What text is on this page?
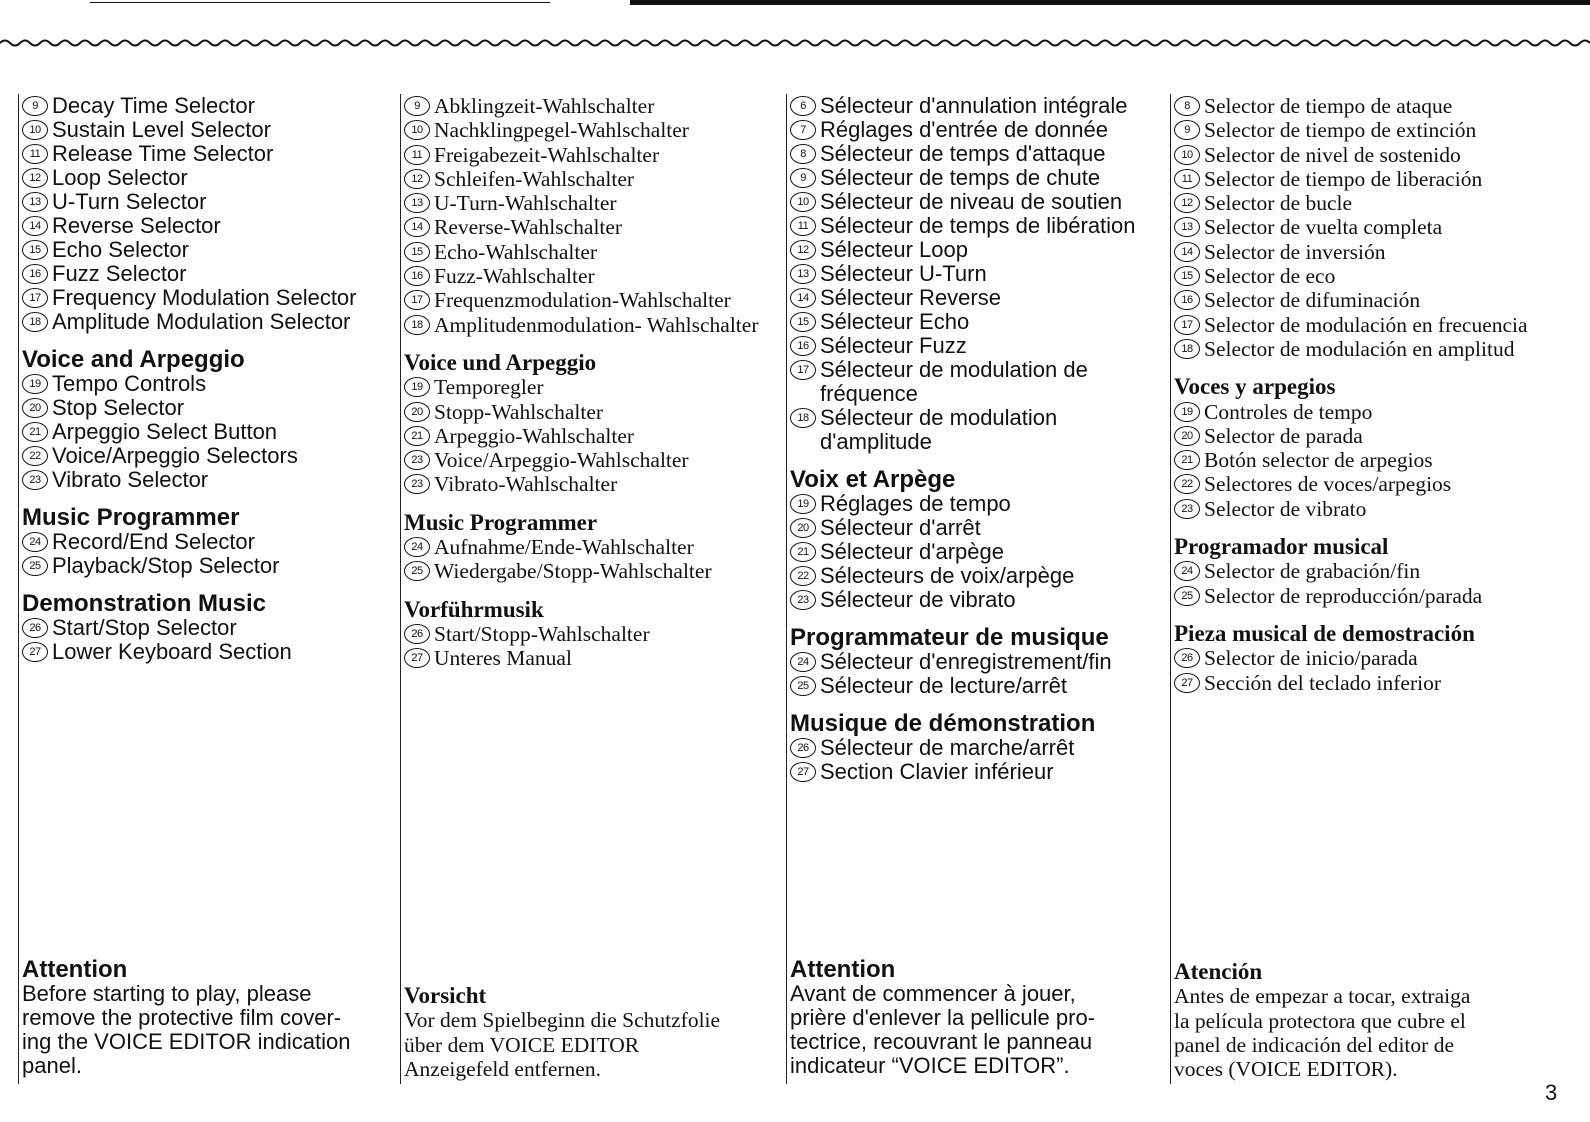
9 Decay Time Selector
10 Sustain Level Selector
11 Release Time Selector
12 Loop Selector
13 U-Turn Selector
14 Reverse Selector
15 Echo Selector
16 Fuzz Selector
17 Frequency Modulation Selector
18 Amplitude Modulation Selector
Voice and Arpeggio
19 Tempo Controls
20 Stop Selector
21 Arpeggio Select Button
22 Voice/Arpeggio Selectors
23 Vibrato Selector
Music Programmer
24 Record/End Selector
25 Playback/Stop Selector
Demonstration Music
26 Start/Stop Selector
27 Lower Keyboard Section
Attention
Before starting to play, please
remove the protective film cover-
ing the VOICE EDITOR indication
panel.
9 Abklingzeit-Wahlschalter
10 Nachklingpegel-Wahlschalter
11 Freigabezeit-Wahlschalter
12 Schleifen-Wahlschalter
13 U-Turn-Wahlschalter
14 Reverse-Wahlschalter
15 Echo-Wahlschalter
16 Fuzz-Wahlschalter
17 Frequenzmodulation-Wahlschalter
18 Amplitudenmodulation- Wahlschalter
Voice und Arpeggio
19 Temporegler
20 Stopp-Wahlschalter
21 Arpeggio-Wahlschalter
23 Voice/Arpeggio-Wahlschalter
23 Vibrato-Wahlschalter
Music Programmer
24 Aufnahme/Ende-Wahlschalter
25 Wiedergabe/Stopp-Wahlschalter
Vorführmusik
26 Start/Stopp-Wahlschalter
27 Unteres Manual
Vorsicht
Vor dem Spielbeginn die Schutzfolie
über dem VOICE EDITOR
Anzeigefeld entfernen.
6 Sélecteur d'annulation intégrale
7 Réglages d'entrée de donnée
8 Sélecteur de temps d'attaque
9 Sélecteur de temps de chute
10 Sélecteur de niveau de soutien
11 Sélecteur de temps de libération
12 Sélecteur Loop
13 Sélecteur U-Turn
14 Sélecteur Reverse
15 Sélecteur Echo
16 Sélecteur Fuzz
17 Sélecteur de modulation de fréquence
18 Sélecteur de modulation d'amplitude
Voix et Arpège
19 Réglages de tempo
20 Sélecteur d'arrêt
21 Sélecteur d'arpège
22 Sélecteurs de voix/arpège
23 Sélecteur de vibrato
Programmateur de musique
24 Sélecteur d'enregistrement/fin
25 Sélecteur de lecture/arrêt
Musique de démonstration
26 Sélecteur de marche/arrêt
27 Section Clavier inférieur
Attention
Avant de commencer à jouer,
prière d'enlever la pellicule pro-
tectrice, recouvrant le panneau
indicateur “VOICE EDITOR”.
8 Selector de tiempo de ataque
9 Selector de tiempo de extinción
10 Selector de nivel de sostenido
11 Selector de tiempo de liberación
12 Selector de bucle
13 Selector de vuelta completa
14 Selector de inversión
15 Selector de eco
16 Selector de difuminación
17 Selector de modulación en frecuencia
18 Selector de modulación en amplitud
Voces y arpegios
19 Controles de tempo
20 Selector de parada
21 Botón selector de arpegios
22 Selectores de voces/arpegios
23 Selector de vibrato
Programador musical
24 Selector de grabación/fin
25 Selector de reproducción/parada
Pieza musical de demostración
26 Selector de inicio/parada
27 Sección del teclado inferior
Atención
Antes de empezar a tocar, extraiga
la película protectora que cubre el
panel de indicación del editor de
voces (VOICE EDITOR).
3
